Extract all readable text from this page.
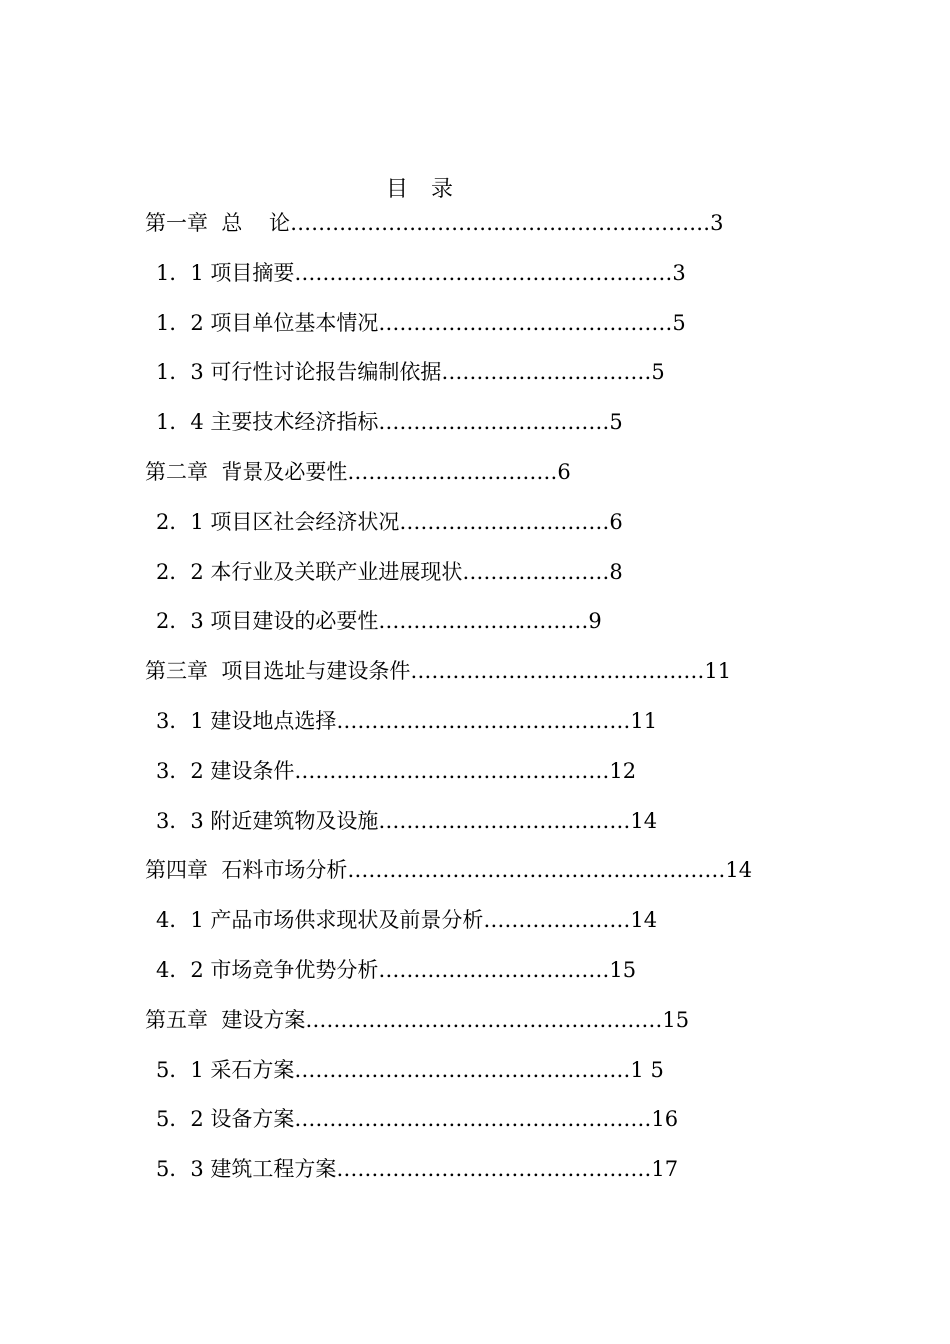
目 录
第一章  总    论……………………………………………………3
1．1 项目摘要………………………………………………3
1．2 项目单位基本情况……………………………………5
1．3 可行性讨论报告编制依据…………………………5
1．4 主要技术经济指标……………………………5
第二章  背景及必要性…………………………6
2．1 项目区社会经济状况…………………………6
2．2 本行业及关联产业进展现状…………………8
2．3 项目建设的必要性…………………………9
第三章  项目选址与建设条件……………………………………11
3．1 建设地点选择……………………………………11
3．2 建设条件………………………………………12
3．3 附近建筑物及设施………………………………14
第四章  石料市场分析………………………………………………14
4．1 产品市场供求现状及前景分析…………………14
4．2 市场竞争优势分析……………………………15
第五章  建设方案……………………………………………15
5．1 采石方案…………………………………………1 5
5．2 设备方案……………………………………………16
5．3 建筑工程方案………………………………………17
